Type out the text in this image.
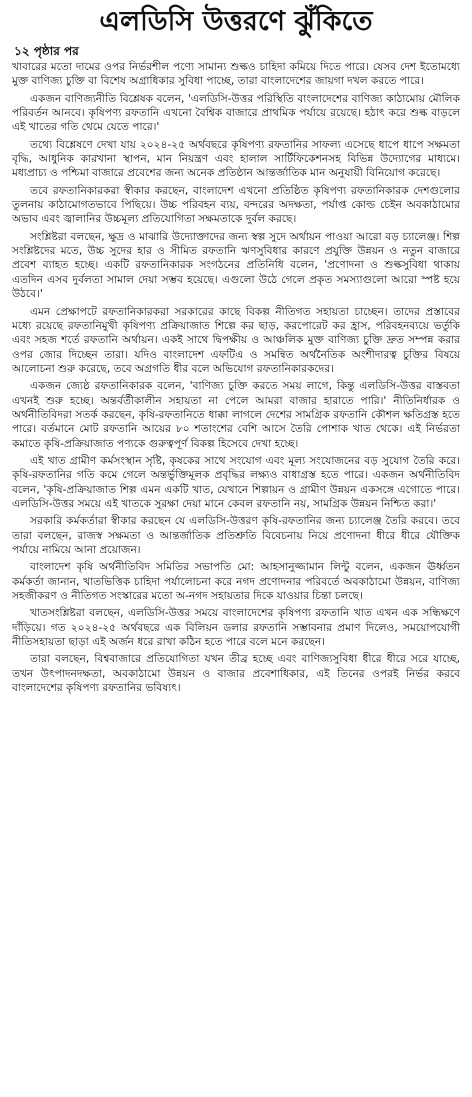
এলডিসি উত্তরণে ঝুঁকিতে
১২ পৃষ্ঠার পর

খাবারের মতো দামের ওপর নির্ভরশীল পণ্যে সামান্য শুল্কও চাহিদা কমিয়ে দিতে পারে। যেসব দেশ ইতোমধ্যে মুক্ত বাণিজ্য চুক্তি বা বিশেষ অগ্রাধিকার সুবিধা পাচ্ছে, তারা বাংলাদেশের জায়গা দখল করতে পারে।

একজন বাণিজ্যনীতি বিশ্লেষক বলেন, 'এলডিসি-উত্তর পরিস্থিতি বাংলাদেশের বাণিজ্য কাঠামোয় মৌলিক পরিবর্তন আনবে। কৃষিপণ্য রফতানি এখনো বৈশ্বিক বাজারে প্রাথমিক পর্যায়ে রয়েছে। হঠাৎ করে শুল্ক বাড়লে এই খাতের গতি থেমে যেতে পারে।'

তথ্যে বিশ্লেষণে দেখা যায় ২০২৪-২৫ অর্থবছরে কৃষিপণ্য রফতানির সাফল্য এসেছে ধাপে ধাপে সক্ষমতা বৃদ্ধি, আধুনিক কারখানা স্থাপন, মান নিয়ন্ত্রণ এবং হালাল সার্টিফিকেশনসহ বিভিন্ন উদ্যোগের মাধ্যমে। মধ্যপ্রাচ্য ও পশ্চিমা বাজারে প্রবেশের জন্য অনেক প্রতিষ্ঠান আন্তর্জাতিক মান অনুযায়ী বিনিয়োগ করেছে।

তবে রফতানিকারকরা স্বীকার করছেন, বাংলাদেশ এখনো প্রতিষ্ঠিত কৃষিপণ্য রফতানিকারক দেশগুলোর তুলনায় কাঠামোগতভাবে পিছিয়ে। উচ্চ পরিবহন ব্যয়, বন্দরের অদক্ষতা, পর্যাপ্ত কোল্ড চেইন অবকাঠামোর অভাব এবং জ্বালানির উচ্চমূল্য প্রতিযোগিতা সক্ষমতাকে দুর্বল করছে।

সংশ্লিষ্টরা বলছেন, ক্ষুদ্র ও মাঝারি উদ্যোক্তাদের জন্য স্বল্প সুদে অর্থায়ন পাওয়া আরো বড় চ্যালেঞ্জ। শিল্প সংশ্লিষ্টদের মতে, উচ্চ সুদের হার ও সীমিত রফতানি ঋণসুবিধার কারণে প্রযুক্তি উন্নয়ন ও নতুন বাজারে প্রবেশ ব্যাহত হচ্ছে। একটি রফতানিকারক সংগঠনের প্রতিনিধি বলেন, 'প্রণোদনা ও শুল্কসুবিধা থাকায় এতদিন এসব দুর্বলতা সামাল দেয়া সম্ভব হয়েছে। এগুলো উঠে গেলে প্রকৃত সমস্যাগুলো আরো স্পষ্ট হয়ে উঠবে।'

এমন প্রেক্ষাপটে রফতানিকারকরা সরকারের কাছে বিকল্প নীতিগত সহায়তা চাচ্ছেন। তাদের প্রস্তাবের মধ্যে রয়েছে রফতানিমুখী কৃষিপণ্য প্রক্রিয়াজাত শিল্পে কর ছাড়, করপোরেট কর হ্রাস, পরিবহনব্যয়ে ভর্তুকি এবং সহজ শর্তে রফতানি অর্থায়ন। একই সাথে দ্বিপক্ষীয় ও আঞ্চলিক মুক্ত বাণিজ্য চুক্তি দ্রুত সম্পন্ন করার ওপর জোর দিচ্ছেন তারা। যদিও বাংলাদেশ এফটিএ ও সমন্বিত অর্থনৈতিক অংশীদারত্ব চুক্তির বিষয়ে আলোচনা শুরু করেছে, তবে অগ্রগতি ধীর বলে অভিযোগ রফতানিকারকদের।

একজন জ্যেষ্ঠ রফতানিকারক বলেন, 'বাণিজ্য চুক্তি করতে সময় লাগে, কিন্তু এলডিসি-উত্তর বাস্তবতা এখনই শুরু হচ্ছে। অন্তর্বর্তীকালীন সহায়তা না পেলে আমরা বাজার হারাতে পারি।' নীতিনির্ধারক ও অর্থনীতিবিদরা সতর্ক করছেন, কৃষি-রফতানিতে ধাক্কা লাগলে দেশের সামগ্রিক রফতানি কৌশল ক্ষতিগ্রস্ত হতে পারে। বর্তমানে মোট রফতানি আয়ের ৮০ শতাংশের বেশি আসে তৈরি পোশাক খাত থেকে। এই নির্ভরতা কমাতে কৃষি-প্রক্রিয়াজাত পণ্যকে গুরুত্বপূর্ণ বিকল্প হিসেবে দেখা হচ্ছে।

এই খাত গ্রামীণ কর্মসংস্থান সৃষ্টি, কৃষকের সাথে সংযোগ এবং মূল্য সংযোজনের বড় সুযোগ তৈরি করে। কৃষি-রফতানির গতি কমে গেলে অন্তর্ভুক্তিমূলক প্রবৃদ্ধির লক্ষ্যও বাধাগ্রস্ত হতে পারে। একজন অর্থনীতিবিদ বলেন, 'কৃষি-প্রক্রিয়াজাত শিল্প এমন একটি খাত, যেখানে শিল্পায়ন ও গ্রামীণ উন্নয়ন একসঙ্গে এগোতে পারে। এলডিসি-উত্তর সময়ে এই খাতকে সুরক্ষা দেয়া মানে কেবল রফতানি নয়, সামগ্রিক উন্নয়ন নিশ্চিত করা।'

সরকারি কর্মকর্তারা স্বীকার করছেন যে এলডিসি-উত্তরণ কৃষি-রফতানির জন্য চ্যালেঞ্জ তৈরি করবে। তবে তারা বলছেন, রাজস্ব সক্ষমতা ও আন্তর্জাতিক প্রতিশ্রুতি বিবেচনায় নিয়ে প্রণোদনা ধীরে ধীরে যৌক্তিক পর্যায়ে নামিয়ে আনা প্রয়োজন।

বাংলাদেশ কৃষি অর্থনীতিবিদ সমিতির সভাপতি মো: আহসানুজ্জামান লিন্টু বলেন, একজন ঊর্ধ্বতন কর্মকর্তা জানান, খাতভিত্তিক চাহিদা পর্যালোচনা করে নগদ প্রণোদনার পরিবর্তে অবকাঠামো উন্নয়ন, বাণিজ্য সহজীকরণ ও নীতিগত সংস্কারের মতো অ-নগদ সহায়তার দিকে যাওয়ার চিন্তা চলছে।

খাতসংশ্লিষ্টরা বলছেন, এলডিসি-উত্তর সময়ে বাংলাদেশের কৃষিপণ্য রফতানি খাত এখন এক সন্ধিক্ষণে দাঁড়িয়ে। গত ২০২৪-২৫ অর্থবছরে এক বিলিয়ন ডলার রফতানি সম্ভাবনার প্রমাণ দিলেও, সময়োপযোগী নীতিসহায়তা ছাড়া এই অর্জন ধরে রাখা কঠিন হতে পারে বলে মনে করছেন।

তারা বলছেন, বিশ্ববাজারে প্রতিযোগিতা যখন তীব্র হচ্ছে এবং বাণিজ্যসুবিধা ধীরে ধীরে সরে যাচ্ছে, তখন উৎপাদনদক্ষতা, অবকাঠামো উন্নয়ন ও বাজার প্রবেশাধিকার, এই তিনের ওপরই নির্ভর করবে বাংলাদেশের কৃষিপণ্য রফতানির ভবিষ্যৎ।
